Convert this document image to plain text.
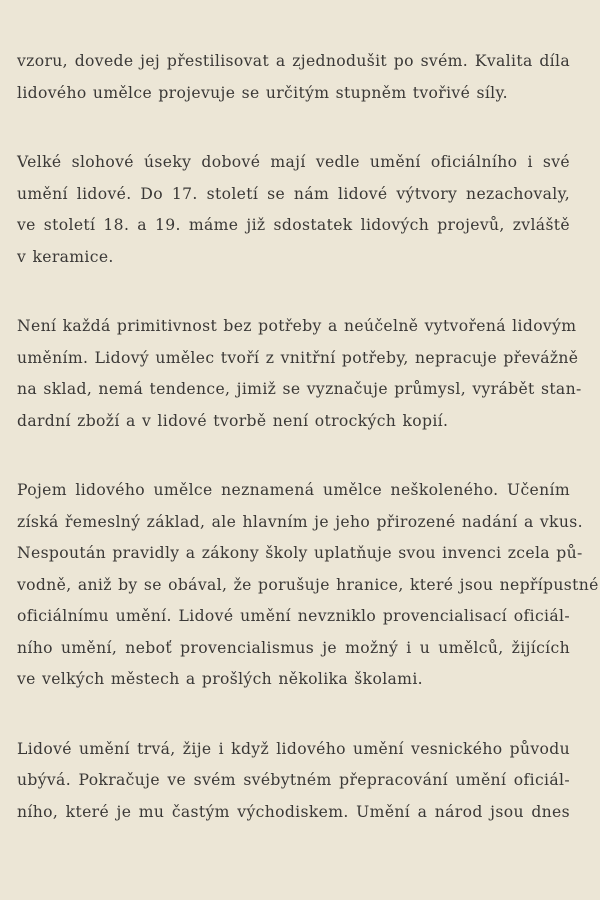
vzoru, dovede jej přestilisovat a zjednodušit po svém. Kvalita díla
lidového umělce projevuje se určitým stupněm tvořivé síly.
Velké slohové úseky dobové mají vedle umění oficiálního i své
umění lidové. Do 17. století se nám lidové výtvory nezachovaly,
ve století 18. a 19. máme již sdostatek lidových projevů, zvláště
v keramice.
Není každá primitivnost bez potřeby a neúčelně vytvořená lidovým
uměním. Lidový umělec tvoří z vnitřní potřeby, nepracuje převážně
na sklad, nemá tendence, jimiž se vyznačuje průmysl, vyrábět stan-
dardní zboží a v lidové tvorbě není otrockých kopií.
Pojem lidového umělce neznamená umělce neškoleného. Učením
získá řemeslný základ, ale hlavním je jeho přirozené nadání a vkus.
Nespoután pravidly a zákony školy uplatňuje svou invenci zcela pů-
vodně, aniž by se obával, že porušuje hranice, které jsou nepřípustné
oficiálnímu umění. Lidové umění nevzniklo provencialisací oficiál-
ního umění, neboť provencialismus je možný i u umělců, žijících
ve velkých městech a prošlých několika školami.
Lidové umění trvá, žije i když lidového umění vesnického původu
ubývá. Pokračuje ve svém svébytném přepracování umění oficiál-
ního, které je mu častým východiskem. Umění a národ jsou dnes
